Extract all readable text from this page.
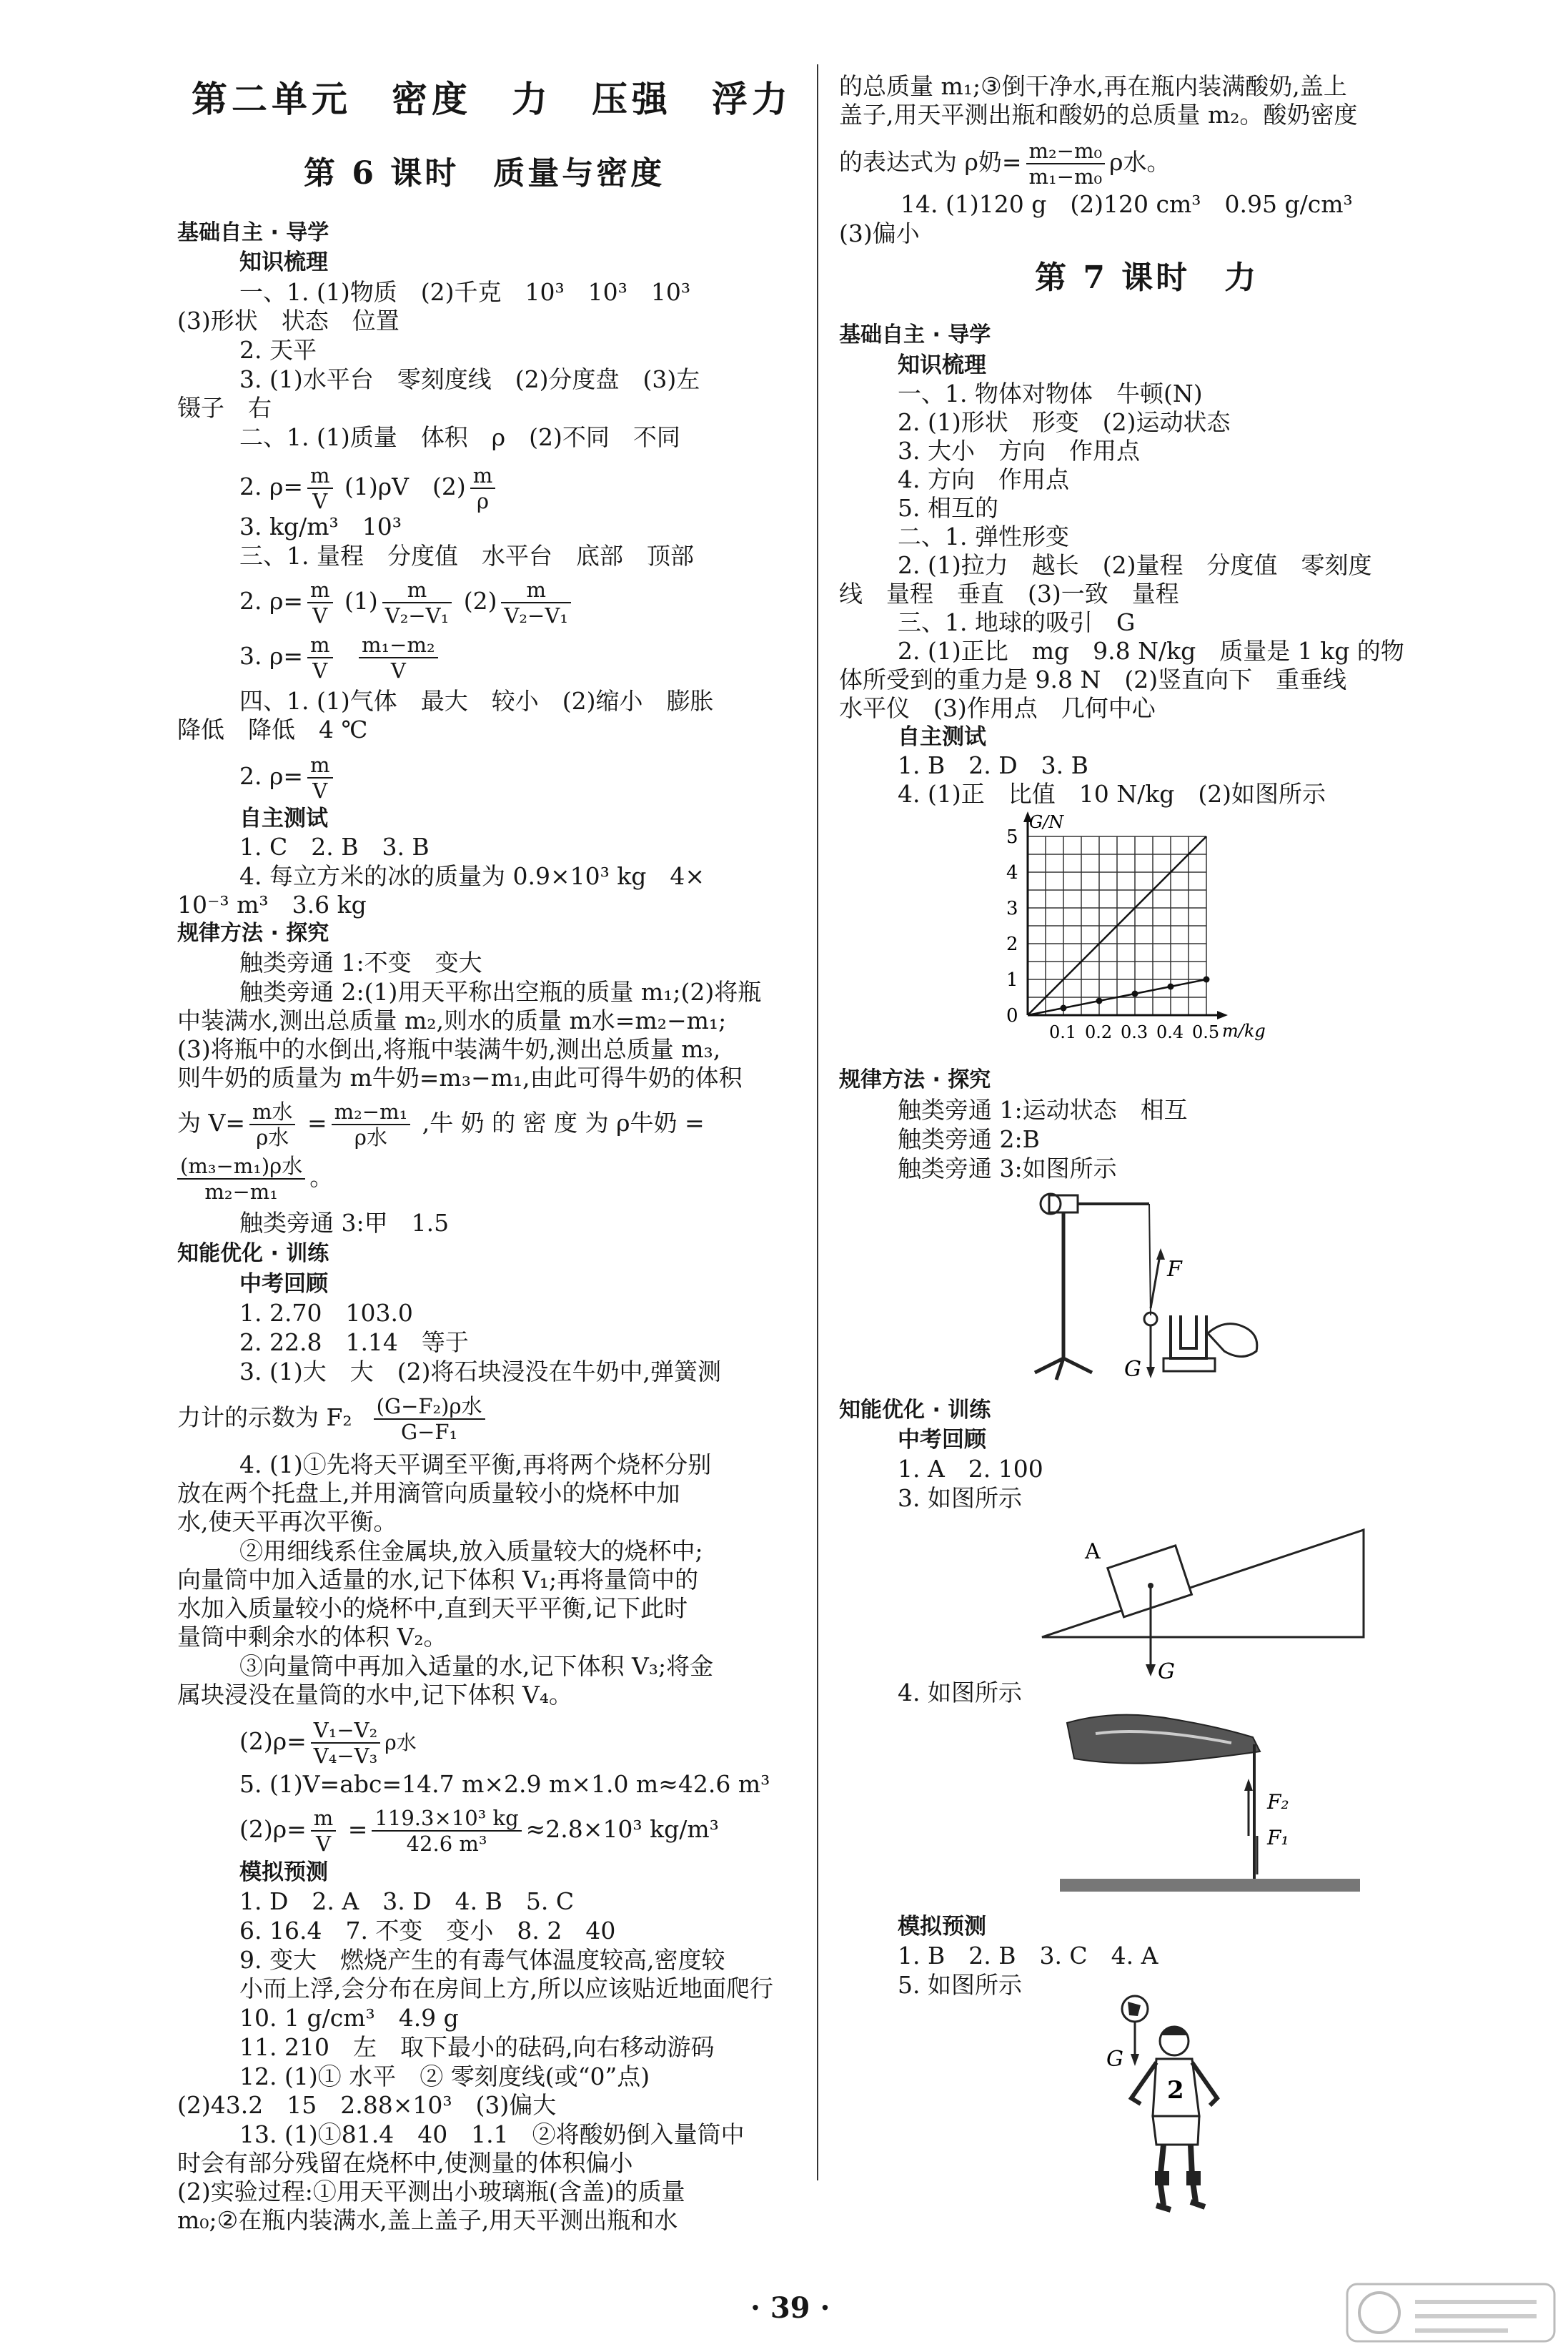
第二单元　密度　力　压强　浮力
第 6 课时　质量与密度
基础自主 · 导学
知识梳理
一、1. (1)物质　(2)千克　10³　10³　10³
(3)形状　状态　位置
2. 天平
3. (1)水平台　零刻度线　(2)分度盘　(3)左
镊子　右
二、1. (1)质量　体积　ρ　(2)不同　不同
2. $\rho= \frac{m}{V} (1)\rho V$　$(2) \frac{m}{\rho}$
3. kg/m³　10³
三、1. 量程　分度值　水平台　底部　顶部
2. $\rho= \frac{m}{V} (1) \frac{m}{\text{V₂−V₁}} (2) \frac{m}{\text{V₂−V₁}}$
3. $\rho= \frac{m}{V}$
$\frac{\text{m₁−m₂}}{V}$
四、1. (1)气体　最大　较小　(2)缩小　膨胀
降低　降低　4 ℃
2. $\rho= \frac{m}{V}$
自主测试
1. C　2. B　3. B
4. 每立方米的冰的质量为 0.9×10³ kg　4×
10⁻³ m³　3.6 kg
规律方法 · 探究
触类旁通 1:不变　变大
触类旁通 2:(1)用天平称出空瓶的质量 m₁;(2)将瓶
中装满水,测出总质量 m₂,则水的质量 m水=m₂−m₁;
(3)将瓶中的水倒出,将瓶中装满牛奶,测出总质量 m₃,
则牛奶的质量为 m牛奶=m₃−m₁,由此可得牛奶的体积
为 $V= \frac{\text{m水}}{\text{ρ水}} = \frac{\text{m₂−m₁}}{\text{ρ水}}$ ,牛 奶 的 密 度 为 ρ牛奶 =
$\frac{\text{(m₃−m₁)ρ水}}{\text{m₂−m₁}}$ 。
触类旁通 3:甲　1.5
知能优化 · 训练
中考回顾
1. 2.70　103.0
2. 22.8　1.14　等于
3. (1)大　大　(2)将石块浸没在牛奶中,弹簧测
力计的示数为 $F_2 \frac{\text{(G−F₂)ρ水}}{\text{G−F₁}}$
4. (1)①先将天平调至平衡,再将两个烧杯分别
放在两个托盘上,并用滴管向质量较小的烧杯中加
水,使天平再次平衡。
②用细线系住金属块,放入质量较大的烧杯中;
向量筒中加入适量的水,记下体积 V₁;再将量筒中的
水加入质量较小的烧杯中,直到天平平衡,记下此时
量筒中剩余水的体积 V₂。
③向量筒中再加入适量的水,记下体积 V₃;将金
属块浸没在量筒的水中,记下体积 V₄。
$(2)\rho= \frac{\text{V₁−V₂}}{\text{V₄−V₃}}$ ρ水
5. (1)V=abc=14.7 m×2.9 m×1.0 m≈42.6 m³
$(2)\rho= \frac{m}{V} = \frac{\text{119.3×10³ kg}}{\text{42.6 m³}} \approx 2.8\times 10^3$ kg/m³
模拟预测
1. D　2. A　3. D　4. B　5. C
6. 16.4　7. 不变　变小　8. 2　40
9. 变大　燃烧产生的有毒气体温度较高,密度较
小而上浮,会分布在房间上方,所以应该贴近地面爬行
10. 1 g/cm³　4.9 g
11. 210　左　取下最小的砝码,向右移动游码
12. (1)① 水平　② 零刻度线(或“0”点)
(2)43.2　15　2.88×10³　(3)偏大
13. (1)①81.4　40　1.1　②将酸奶倒入量筒中
时会有部分残留在烧杯中,使测量的体积偏小
(2)实验过程:①用天平测出小玻璃瓶(含盖)的质量
m₀;②在瓶内装满水,盖上盖子,用天平测出瓶和水
的总质量 m₁;③倒干净水,再在瓶内装满酸奶,盖上
盖子,用天平测出瓶和酸奶的总质量 m₂。酸奶密度
的表达式为 ρ奶= $\frac{\text{m₂−m₀}}{\text{m₁−m₀}}$ ρ水。
14. (1)120 g　(2)120 cm³　0.95 g/cm³
(3)偏小
第 7 课时　力
基础自主 · 导学
知识梳理
一、1. 物体对物体　牛顿(N)
2. (1)形状　形变　(2)运动状态
3. 大小　方向　作用点
4. 方向　作用点
5. 相互的
二、1. 弹性形变
2. (1)拉力　越长　(2)量程　分度值　零刻度
线　量程　垂直　(3)一致　量程
三、1. 地球的吸引　G
2. (1)正比　mg　9.8 N/kg　质量是 1 kg 的物
体所受到的重力是 9.8 N　(2)竖直向下　重垂线
水平仪　(3)作用点　几何中心
自主测试
1. B　2. D　3. B
4. (1)正　比值　10 N/kg　(2)如图所示
G/N
m/kg
0
1
2
3
4
5
0.1 0.2 0.3 0.4 0.5
规律方法 · 探究
触类旁通 1:运动状态　相互
触类旁通 2:B
触类旁通 3:如图所示
F
G
知能优化 · 训练
中考回顾
1. A　2. 100
3. 如图所示
A
G
4. 如图所示
F₂
F₁
模拟预测
1. B　2. B　3. C　4. A
5. 如图所示
G
2
· 39 ·
